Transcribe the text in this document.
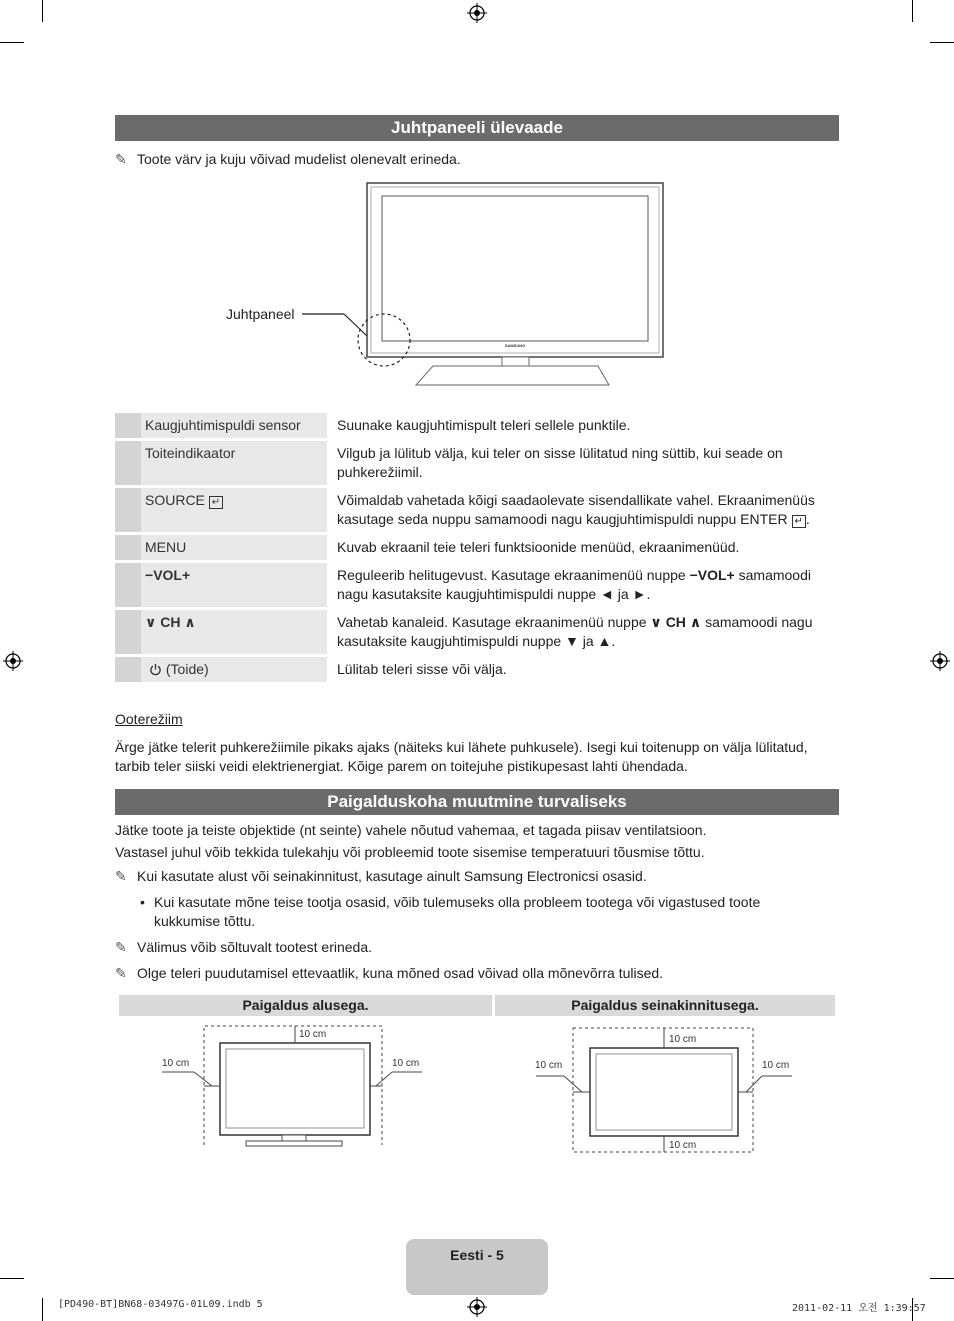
Juhtpaneeli ülevaade
✎ Toote värv ja kuju võivad mudelist olenevalt erineda.
SAMSUNG
Juhtpaneel
	Kaugjuhtimispuldi sensor		Suunake kaugjuhtimispult teleri sellele punktile.
	Toiteindikaator		Vilgub ja lülitub välja, kui teler on sisse lülitatud ning süttib, kui seade on puhkerežiimil.
	SOURCE ↵		Võimaldab vahetada kõigi saadaolevate sisendallikate vahel. Ekraanimenüüs kasutage seda nuppu samamoodi nagu kaugjuhtimispuldi nuppu ENTER ↵ .
	MENU		Kuvab ekraanil teie teleri funktsioonide menüüd, ekraanimenüüd.
	−VOL+		Reguleerib helitugevust. Kasutage ekraanimenüü nuppe −VOL+ samamoodi nagu kasutaksite kaugjuhtimispuldi nuppe ◄ ja ►.
	∨ CH ∧		Vahetab kanaleid. Kasutage ekraanimenüü nuppe ∨ CH ∧ samamoodi nagu kasutaksite kaugjuhtimispuldi nuppe ▼ ja ▲.
	(Toide)		Lülitab teleri sisse või välja.
Ooterežiim
Ärge jätke telerit puhkerežiimile pikaks ajaks (näiteks kui lähete puhkusele). Isegi kui toitenupp on välja lülitatud, tarbib teler siiski veidi elektrienergiat. Kõige parem on toitejuhe pistikupesast lahti ühendada.
Paigalduskoha muutmine turvaliseks
Jätke toote ja teiste objektide (nt seinte) vahele nõutud vahemaa, et tagada piisav ventilatsioon.
Vastasel juhul võib tekkida tulekahju või probleemid toote sisemise temperatuuri tõusmise tõttu.
✎ Kui kasutate alust või seinakinnitust, kasutage ainult Samsung Electronicsi osasid.
• Kui kasutate mõne teise tootja osasid, võib tulemuseks olla probleem tootega või vigastused toote kukkumise tõttu.
✎ Välimus võib sõltuvalt tootest erineda.
✎ Olge teleri puudutamisel ettevaatlik, kuna mõned osad võivad olla mõnevõrra tulised.
Paigaldus alusega.	Paigaldus seinakinnitusega.
10 cm
10 cm	10 cm
10 cm
10 cm	10 cm
10 cm
Eesti - 5
[PD490-BT]BN68-03497G-01L09.indb 5	2011-02-11 오전 1:39:57
